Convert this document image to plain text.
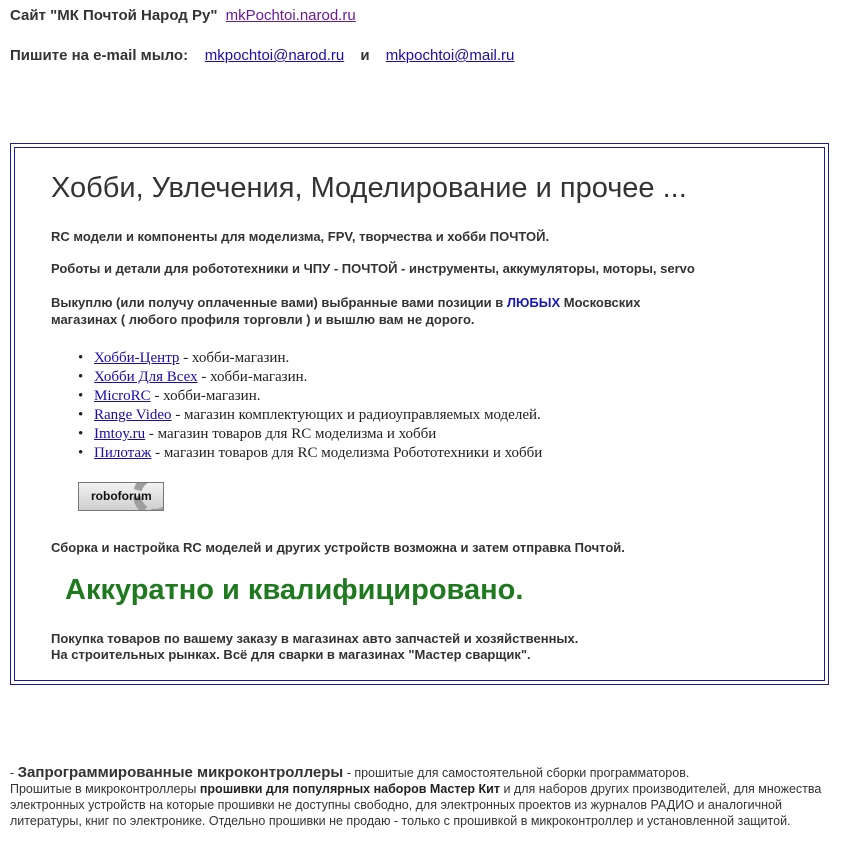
Сайт "МК Почтой Народ Ру" mkPochtoi.narod.ru
Пишите на e-mail мыло: mkpochtoi@narod.ru и mkpochtoi@mail.ru
Хобби, Увлечения, Моделирование и прочее ...
RC модели и компоненты для моделизма, FPV, творчества и хобби ПОЧТОЙ.
Роботы и детали для робототехники и ЧПУ - ПОЧТОЙ - инструменты, аккумуляторы, моторы, servo
Выкуплю (или получу оплаченные вами) выбранные вами позиции в ЛЮБЫХ Московских
магазинах ( любого профиля торговли ) и вышлю вам не дорого.
• Хобби-Центр - хобби-магазин.
• Хобби Для Всех - хобби-магазин.
• MicroRC - хобби-магазин.
• Range Video - магазин комплектующих и радиоуправляемых моделей.
• Imtoy.ru - магазин товаров для RC моделизма и хобби
• Пилотаж - магазин товаров для RC моделизма Робототехники и хобби
roboforum
Сборка и настройка RC моделей и других устройств возможна и затем отправка Почтой.
Аккуратно и квалифицировано.
Покупка товаров по вашему заказу в магазинах авто запчастей и хозяйственных.
На строительных рынках. Всё для сварки в магазинах "Мастер сварщик".
- Запрограммированные микроконтроллеры - прошитые для самостоятельной сборки программаторов.
Прошитые в микроконтроллеры прошивки для популярных наборов Мастер Кит и для наборов других производителей, для множества электронных устройств на которые прошивки не доступны свободно, для электронных проектов из журналов РАДИО и аналогичной литературы, книг по электронике. Отдельно прошивки не продаю - только с прошивкой в микроконтроллер и установленной защитой.
